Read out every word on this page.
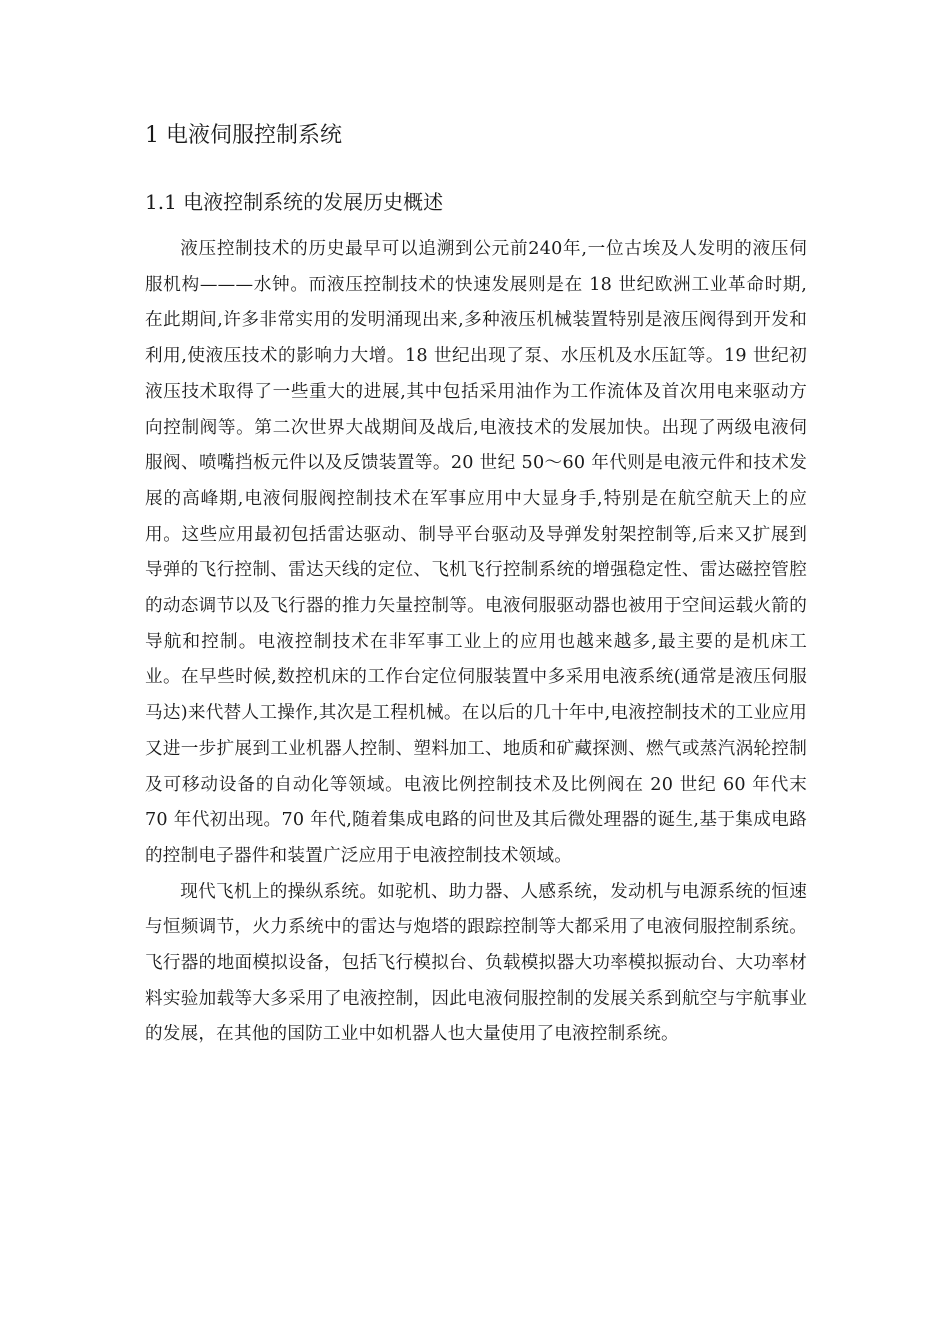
1 电液伺服控制系统
1.1 电液控制系统的发展历史概述

液压控制技术的历史最早可以追溯到公元前240年,一位古埃及人发明的液压伺服机构———水钟。而液压控制技术的快速发展则是在 18 世纪欧洲工业革命时期,在此期间,许多非常实用的发明涌现出来,多种液压机械装置特别是液压阀得到开发和利用,使液压技术的影响力大增。18 世纪出现了泵、水压机及水压缸等。19 世纪初液压技术取得了一些重大的进展,其中包括采用油作为工作流体及首次用电来驱动方向控制阀等。第二次世界大战期间及战后,电液技术的发展加快。出现了两级电液伺服阀、喷嘴挡板元件以及反馈装置等。20 世纪 50～60 年代则是电液元件和技术发展的高峰期,电液伺服阀控制技术在军事应用中大显身手,特别是在航空航天上的应用。这些应用最初包括雷达驱动、制导平台驱动及导弹发射架控制等,后来又扩展到导弹的飞行控制、雷达天线的定位、飞机飞行控制系统的增强稳定性、雷达磁控管腔的动态调节以及飞行器的推力矢量控制等。电液伺服驱动器也被用于空间运载火箭的导航和控制。电液控制技术在非军事工业上的应用也越来越多,最主要的是机床工业。在早些时候,数控机床的工作台定位伺服装置中多采用电液系统(通常是液压伺服马达)来代替人工操作,其次是工程机械。在以后的几十年中,电液控制技术的工业应用又进一步扩展到工业机器人控制、塑料加工、地质和矿藏探测、燃气或蒸汽涡轮控制及可移动设备的自动化等领域。电液比例控制技术及比例阀在 20 世纪 60 年代末 70 年代初出现。70 年代,随着集成电路的问世及其后微处理器的诞生,基于集成电路的控制电子器件和装置广泛应用于电液控制技术领域。

现代飞机上的操纵系统。如驼机、助力器、人感系统，发动机与电源系统的恒速与恒频调节，火力系统中的雷达与炮塔的跟踪控制等大都采用了电液伺服控制系统。飞行器的地面模拟设备，包括飞行模拟台、负载模拟器大功率模拟振动台、大功率材料实验加载等大多采用了电液控制，因此电液伺服控制的发展关系到航空与宇航事业的发展，在其他的国防工业中如机器人也大量使用了电液控制系统。
